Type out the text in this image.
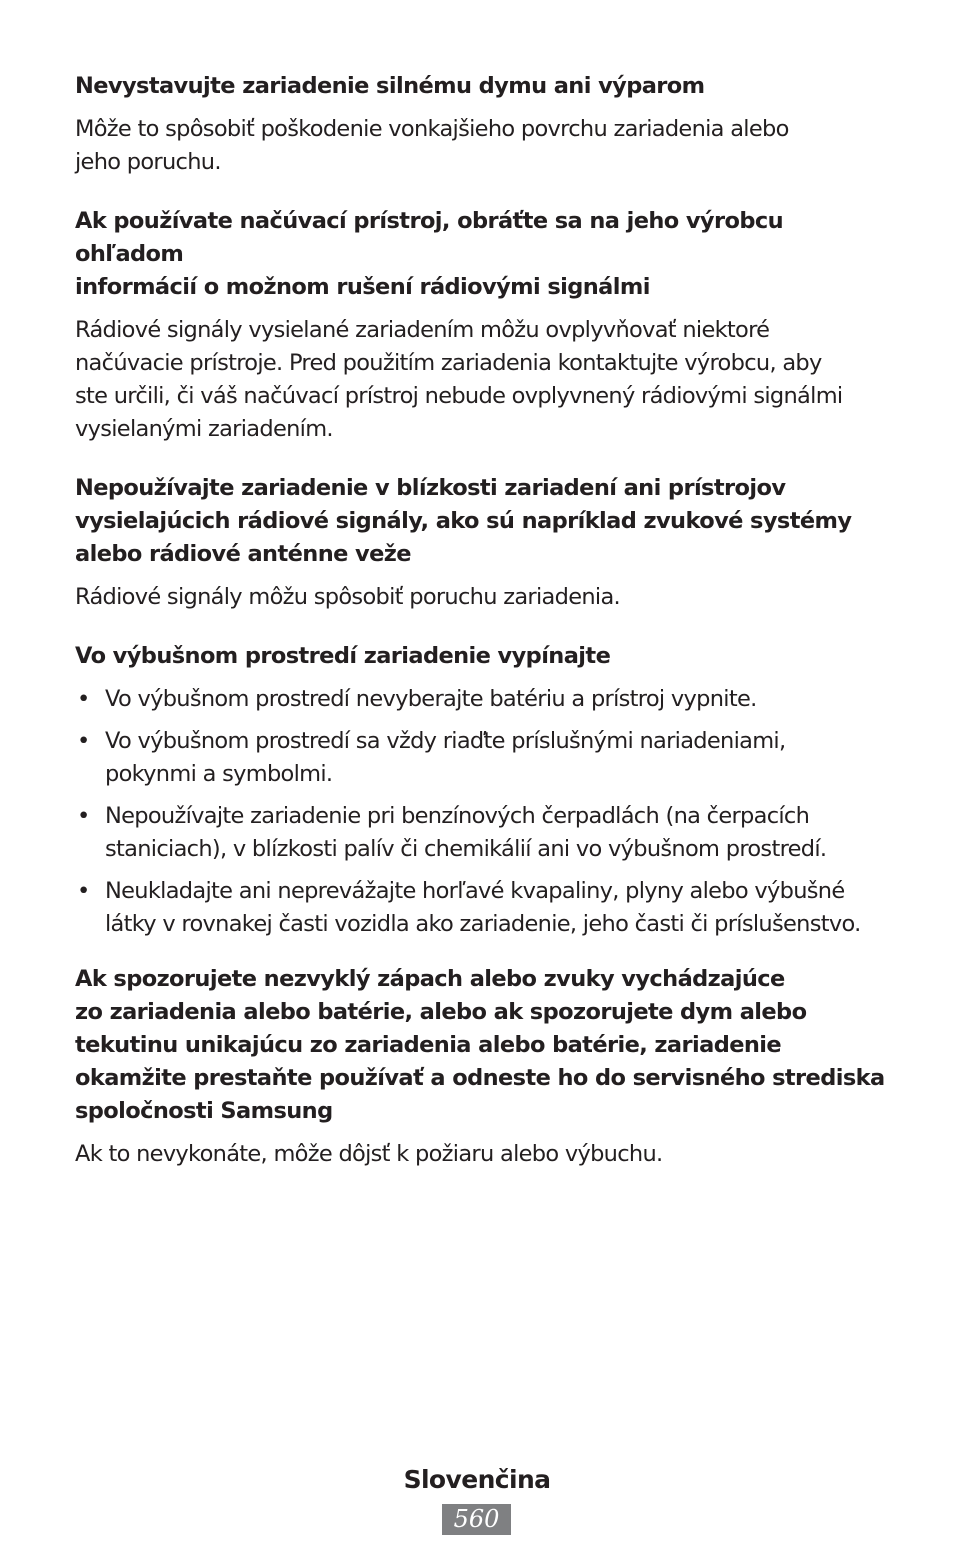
Nevystavujte zariadenie silnému dymu ani výparom

Môže to spôsobiť poškodenie vonkajšieho povrchu zariadenia alebo
jeho poruchu.

Ak používate načúvací prístroj, obráťte sa na jeho výrobcu ohľadom
informácií o možnom rušení rádiovými signálmi

Rádiové signály vysielané zariadením môžu ovplyvňovať niektoré
načúvacie prístroje. Pred použitím zariadenia kontaktujte výrobcu, aby
ste určili, či váš načúvací prístroj nebude ovplyvnený rádiovými signálmi
vysielanými zariadením.

Nepoužívajte zariadenie v blízkosti zariadení ani prístrojov
vysielajúcich rádiové signály, ako sú napríklad zvukové systémy
alebo rádiové anténne veže

Rádiové signály môžu spôsobiť poruchu zariadenia.

Vo výbušnom prostredí zariadenie vypínajte

• Vo výbušnom prostredí nevyberajte batériu a prístroj vypnite.
• Vo výbušnom prostredí sa vždy riaďte príslušnými nariadeniami,
pokynmi a symbolmi.
• Nepoužívajte zariadenie pri benzínových čerpadlách (na čerpacích
staniciach), v blízkosti palív či chemikálií ani vo výbušnom prostredí.
• Neukladajte ani neprevážajte horľavé kvapaliny, plyny alebo výbušné
látky v rovnakej časti vozidla ako zariadenie, jeho časti či príslušenstvo.

Ak spozorujete nezvyklý zápach alebo zvuky vychádzajúce
zo zariadenia alebo batérie, alebo ak spozorujete dym alebo
tekutinu unikajúcu zo zariadenia alebo batérie, zariadenie
okamžite prestaňte používať a odneste ho do servisného strediska
spoločnosti Samsung

Ak to nevykonáte, môže dôjsť k požiaru alebo výbuchu.

Slovenčina
560
